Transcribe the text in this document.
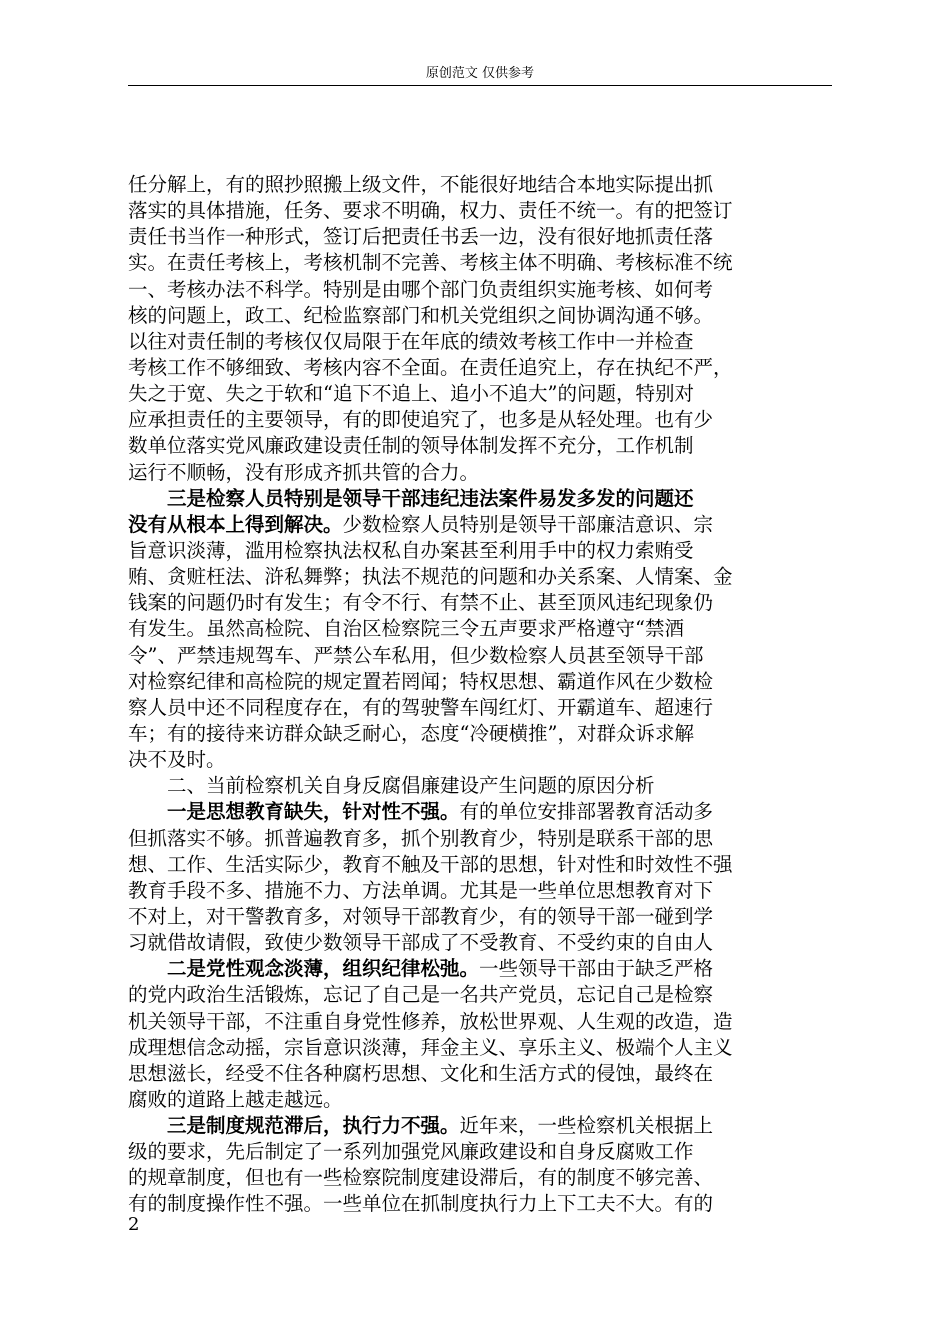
原创范文 仅供参考
任分解上，有的照抄照搬上级文件，不能很好地结合本地实际提出抓
落实的具体措施，任务、要求不明确，权力、责任不统一。有的把签订
责任书当作一种形式，签订后把责任书丢一边，没有很好地抓责任落
实。在责任考核上，考核机制不完善、考核主体不明确、考核标准不统
一、考核办法不科学。特别是由哪个部门负责组织实施考核、如何考
核的问题上，政工、纪检监察部门和机关党组织之间协调沟通不够。
以往对责任制的考核仅仅局限于在年底的绩效考核工作中一并检查
考核工作不够细致、考核内容不全面。在责任追究上，存在执纪不严，
失之于宽、失之于软和“追下不追上、追小不追大”的问题，特别对
应承担责任的主要领导，有的即使追究了，也多是从轻处理。也有少
数单位落实党风廉政建设责任制的领导体制发挥不充分，工作机制
运行不顺畅，没有形成齐抓共管的合力。
　　三是检察人员特别是领导干部违纪违法案件易发多发的问题还
没有从根本上得到解决。少数检察人员特别是领导干部廉洁意识、宗
旨意识淡薄，滥用检察执法权私自办案甚至利用手中的权力索贿受
贿、贪赃枉法、浒私舞弊；执法不规范的问题和办关系案、人情案、金
钱案的问题仍时有发生；有令不行、有禁不止、甚至顶风违纪现象仍
有发生。虽然高检院、自治区检察院三令五声要求严格遵守“禁酒
令”、严禁违规驾车、严禁公车私用，但少数检察人员甚至领导干部
对检察纪律和高检院的规定置若罔闻；特权思想、霸道作风在少数检
察人员中还不同程度存在，有的驾驶警车闯红灯、开霸道车、超速行
车；有的接待来访群众缺乏耐心，态度“冷硬横推”，对群众诉求解
决不及时。
　　二、当前检察机关自身反腐倡廉建设产生问题的原因分析
　　一是思想教育缺失，针对性不强。有的单位安排部署教育活动多
但抓落实不够。抓普遍教育多，抓个别教育少，特别是联系干部的思
想、工作、生活实际少，教育不触及干部的思想，针对性和时效性不强
教育手段不多、措施不力、方法单调。尤其是一些单位思想教育对下
不对上，对干警教育多，对领导干部教育少，有的领导干部一碰到学
习就借故请假，致使少数领导干部成了不受教育、不受约束的自由人
　　二是党性观念淡薄，组织纪律松弛。一些领导干部由于缺乏严格
的党内政治生活锻炼，忘记了自己是一名共产党员，忘记自己是检察
机关领导干部，不注重自身党性修养，放松世界观、人生观的改造，造
成理想信念动摇，宗旨意识淡薄，拜金主义、享乐主义、极端个人主义
思想滋长，经受不住各种腐朽思想、文化和生活方式的侵蚀，最终在
腐败的道路上越走越远。
　　三是制度规范滞后，执行力不强。近年来，一些检察机关根据上
级的要求，先后制定了一系列加强党风廉政建设和自身反腐败工作
的规章制度，但也有一些检察院制度建设滞后，有的制度不够完善、
有的制度操作性不强。一些单位在抓制度执行力上下工夫不大。有的
2
